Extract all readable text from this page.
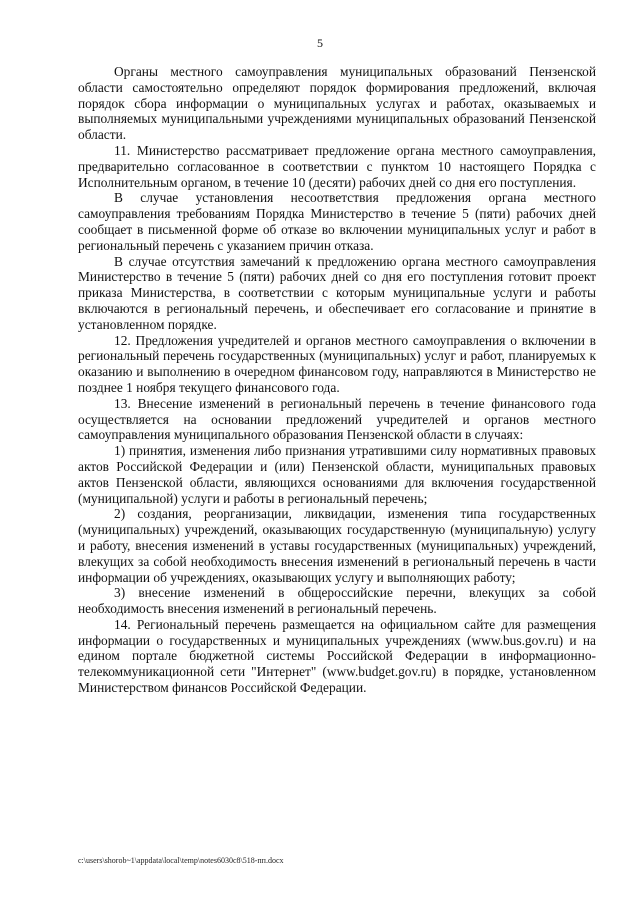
5

Органы местного самоуправления муниципальных образований Пензенской области самостоятельно определяют порядок формирования предложений, включая порядок сбора информации о муниципальных услугах и работах, оказываемых и выполняемых муниципальными учреждениями муниципальных образований Пензенской области.

11. Министерство рассматривает предложение органа местного самоуправления, предварительно согласованное в соответствии с пунктом 10 настоящего Порядка с Исполнительным органом, в течение 10 (десяти) рабочих дней со дня его поступления.

В случае установления несоответствия предложения органа местного самоуправления требованиям Порядка Министерство в течение 5 (пяти) рабочих дней сообщает в письменной форме об отказе во включении муниципальных услуг и работ в региональный перечень с указанием причин отказа.

В случае отсутствия замечаний к предложению органа местного самоуправления Министерство в течение 5 (пяти) рабочих дней со дня его поступления готовит проект приказа Министерства, в соответствии с которым муниципальные услуги и работы включаются в региональный перечень, и обеспечивает его согласование и принятие в установленном порядке.

12. Предложения учредителей и органов местного самоуправления о включении в региональный перечень государственных (муниципальных) услуг и работ, планируемых к оказанию и выполнению в очередном финансовом году, направляются в Министерство не позднее 1 ноября текущего финансового года.

13. Внесение изменений в региональный перечень в течение финансового года осуществляется на основании предложений учредителей и органов местного самоуправления муниципального образования Пензенской области в случаях:

1) принятия, изменения либо признания утратившими силу нормативных правовых актов Российской Федерации и (или) Пензенской области, муниципальных правовых актов Пензенской области, являющихся основаниями для включения государственной (муниципальной) услуги и работы в региональный перечень;

2) создания, реорганизации, ликвидации, изменения типа государственных (муниципальных) учреждений, оказывающих государственную (муниципальную) услугу и работу, внесения изменений в уставы государственных (муниципальных) учреждений, влекущих за собой необходимость внесения изменений в региональный перечень в части информации об учреждениях, оказывающих услугу и выполняющих работу;

3) внесение изменений в общероссийские перечни, влекущих за собой необходимость внесения изменений в региональный перечень.

14. Региональный перечень размещается на официальном сайте для размещения информации о государственных и муниципальных учреждениях (www.bus.gov.ru) и на едином портале бюджетной системы Российской Федерации в информационно-телекоммуникационной сети "Интернет" (www.budget.gov.ru) в порядке, установленном Министерством финансов Российской Федерации.

c:\users\shorob~1\appdata\local\temp\notes6030c8\518-пп.docx
